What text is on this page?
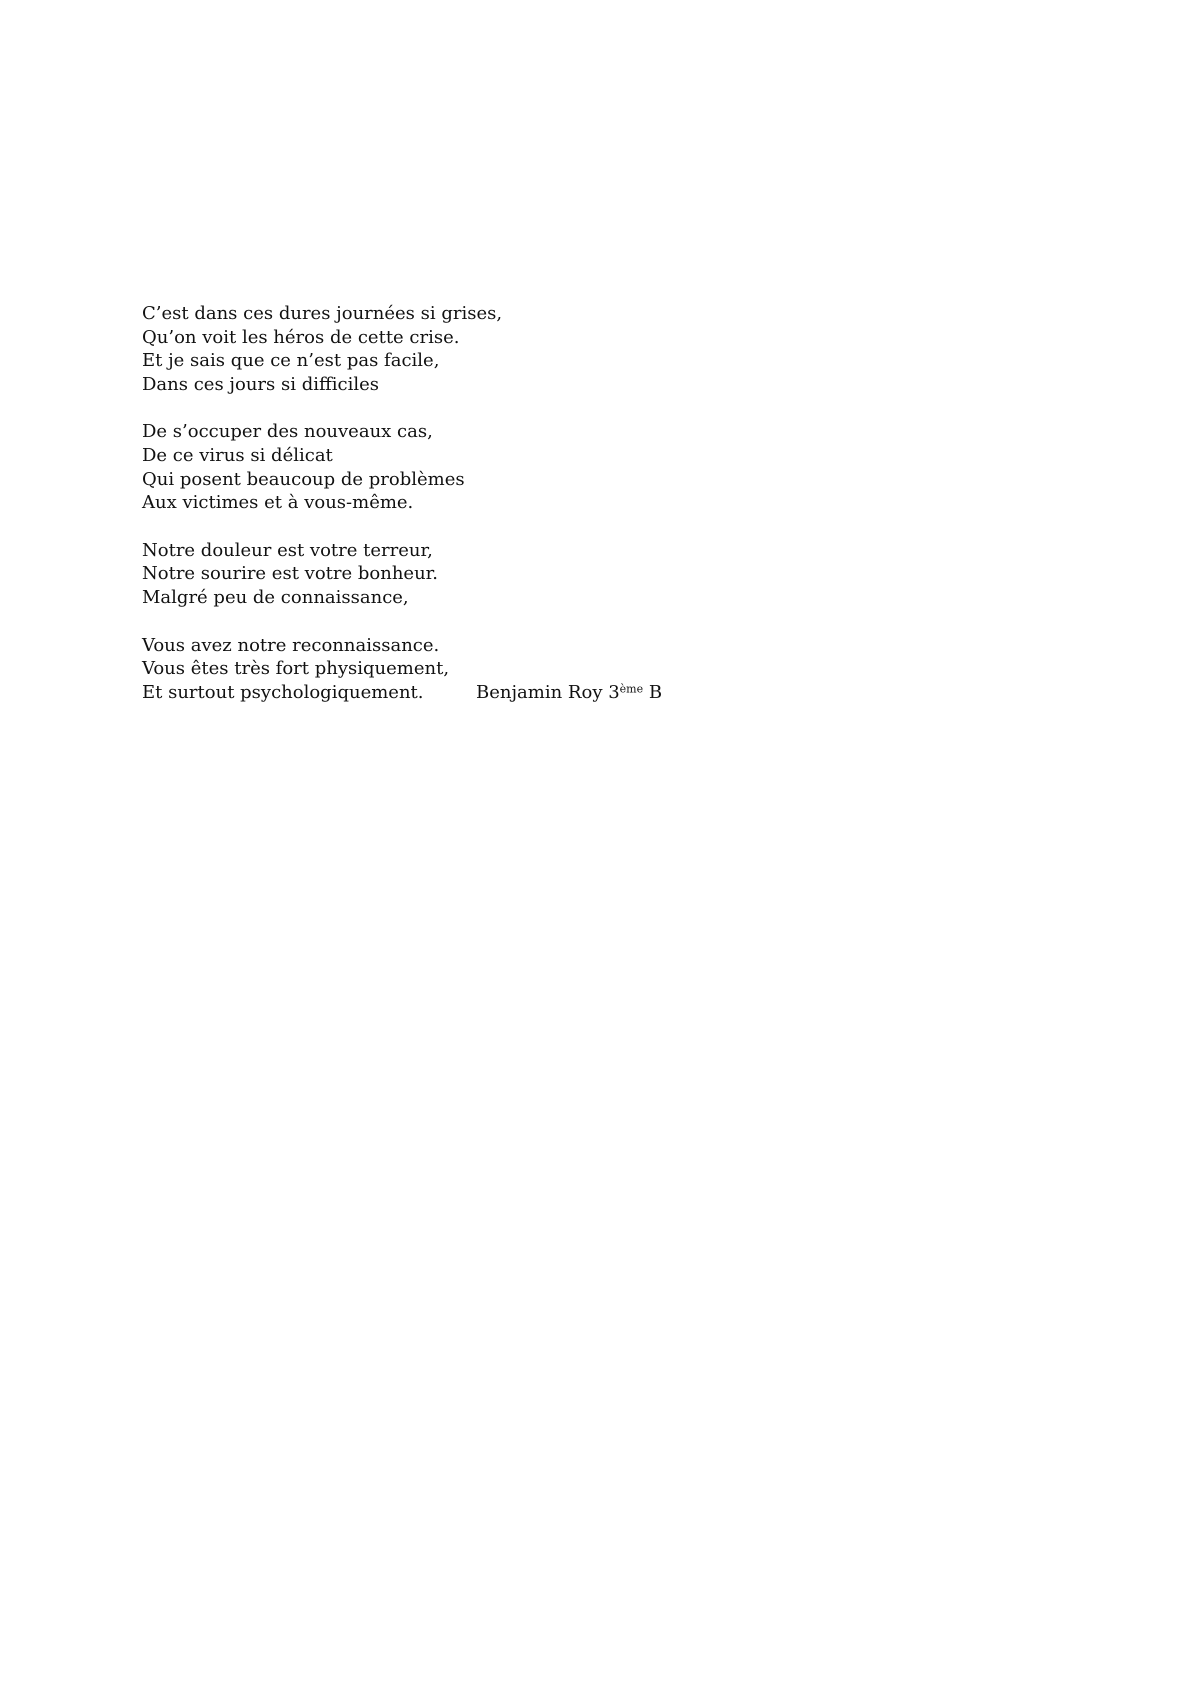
C’est dans ces dures journées si grises,
Qu’on voit les héros de cette crise.
Et je sais que ce n’est pas facile,
Dans ces jours si difficiles
De s’occuper des nouveaux cas,
De ce virus si délicat
Qui posent beaucoup de problèmes
Aux victimes et à vous-même.
Notre douleur est votre terreur,
Notre sourire est votre bonheur.
Malgré peu de connaissance,
Vous avez notre reconnaissance.
Vous êtes très fort physiquement,
Et surtout psychologiquement.	Benjamin Roy 3ème B
